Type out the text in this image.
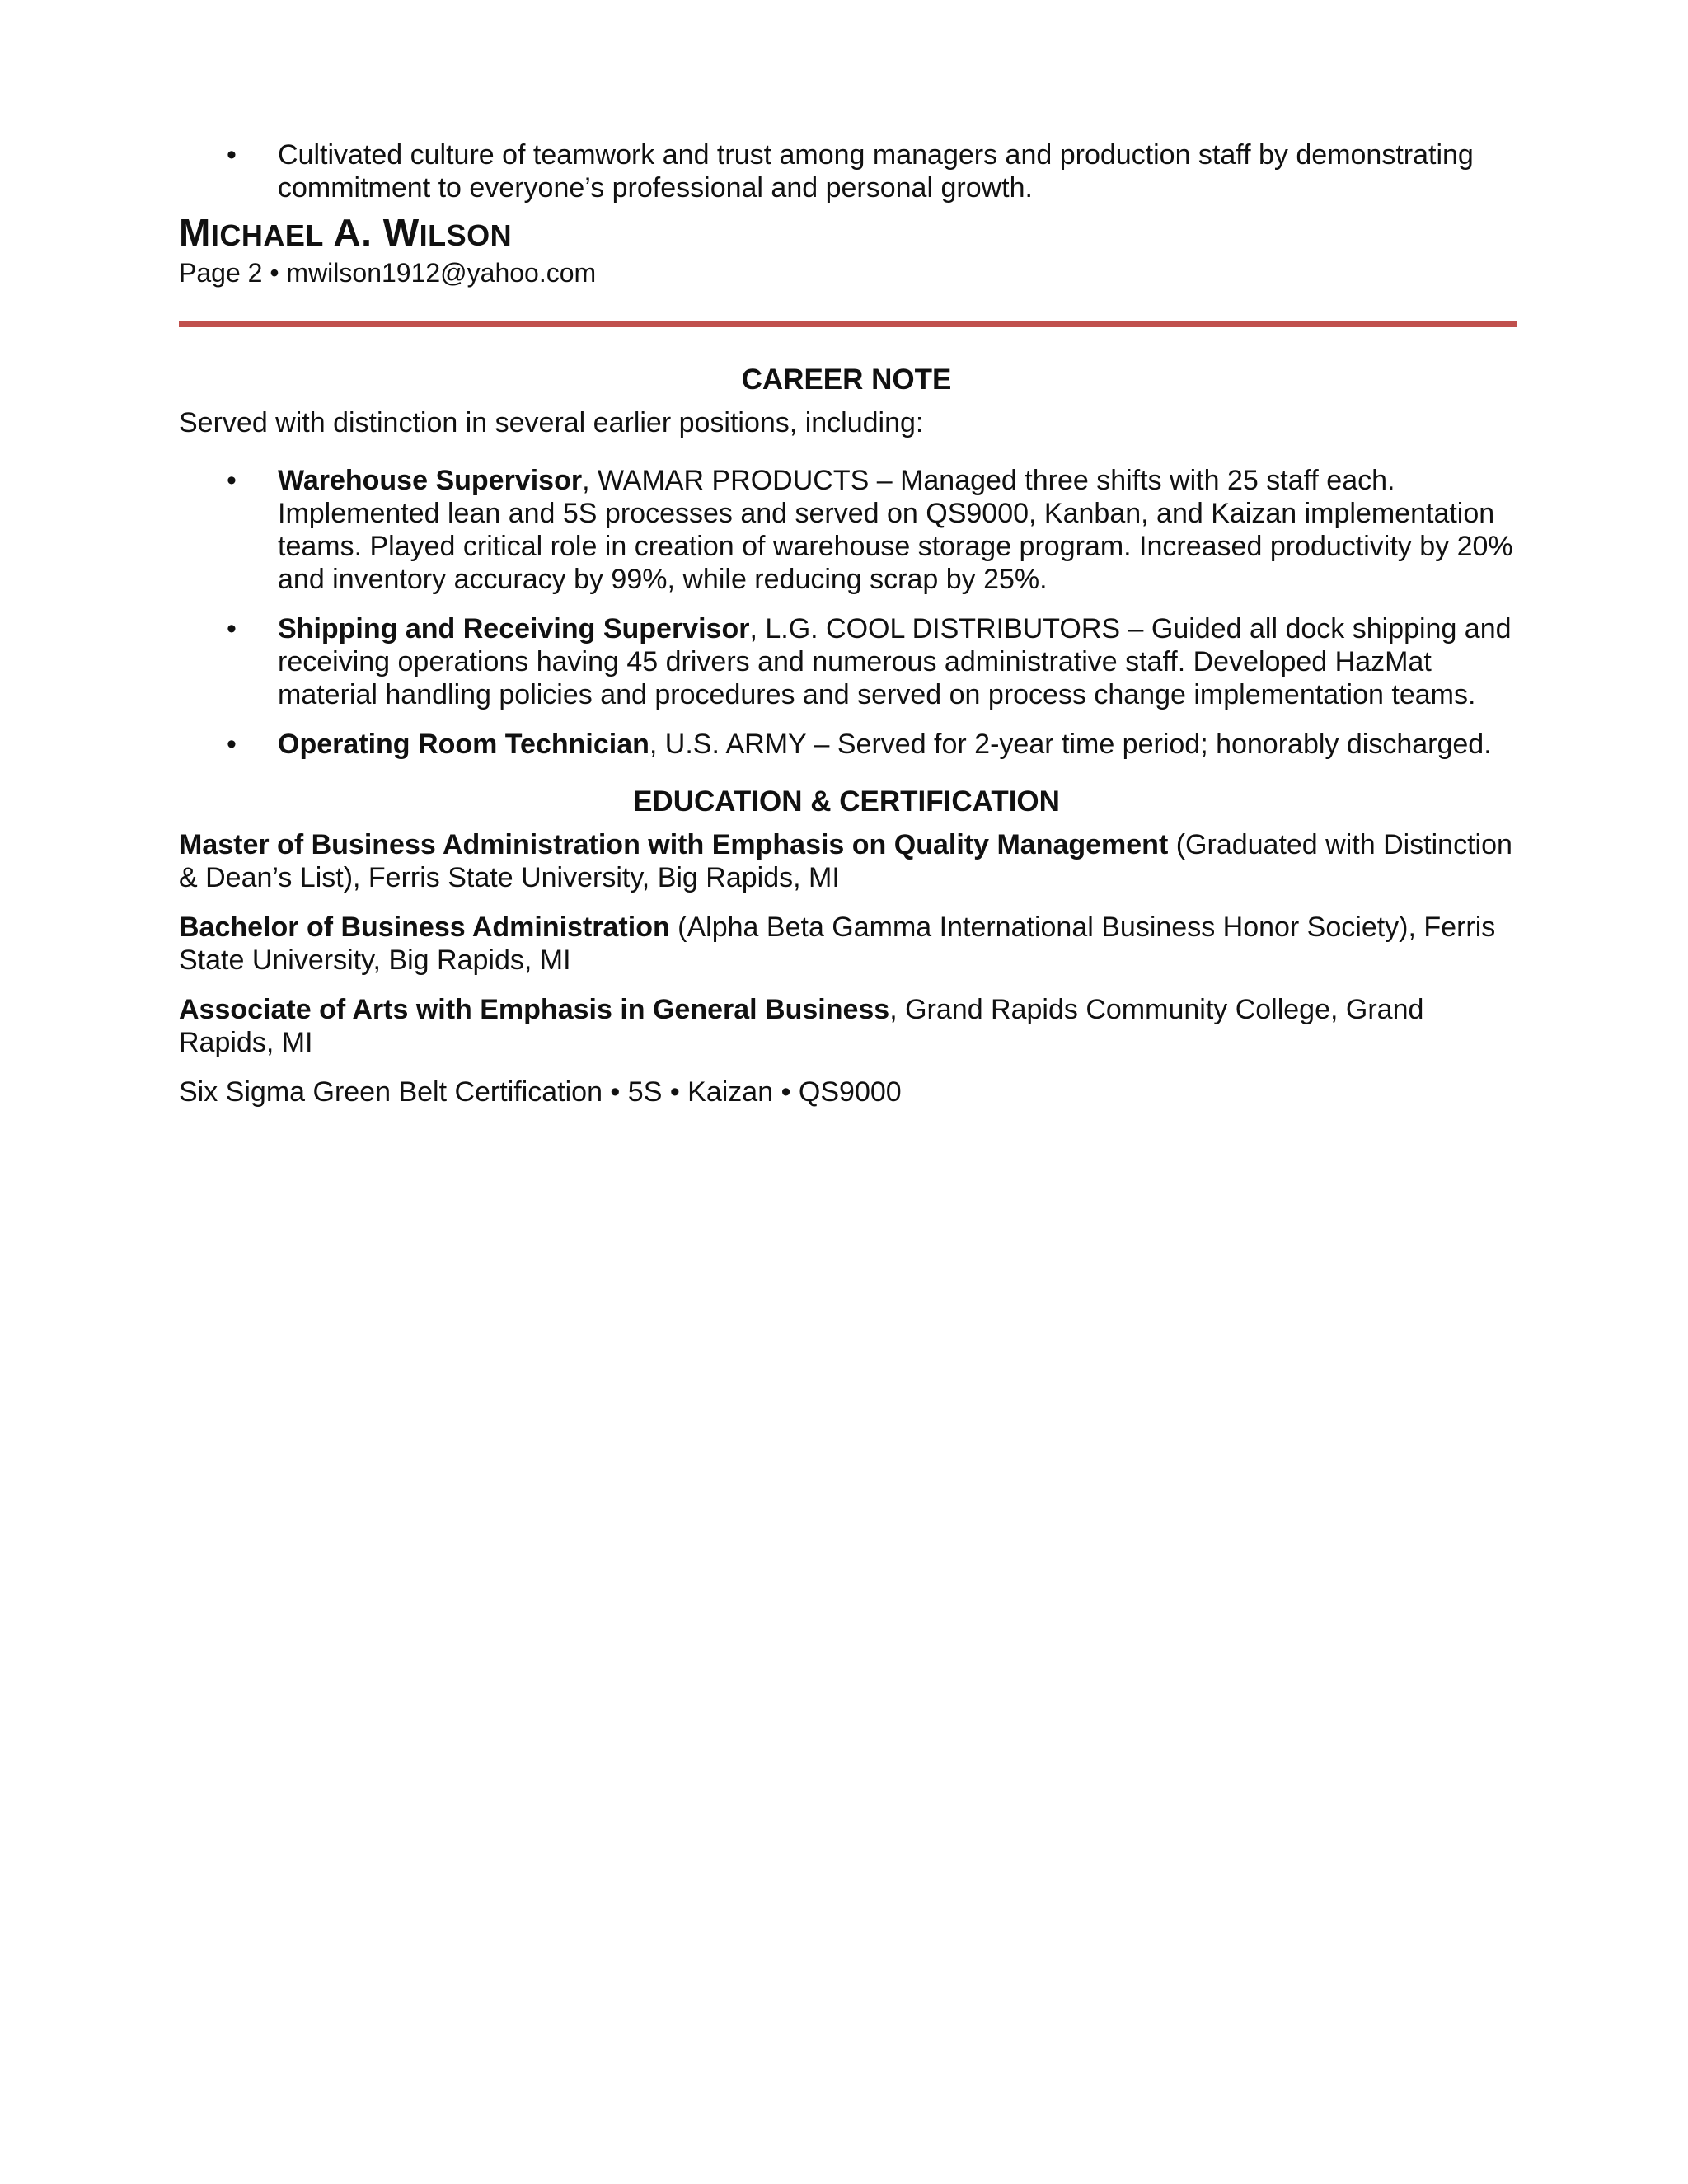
• Cultivated culture of teamwork and trust among managers and production staff by demonstrating commitment to everyone’s professional and personal growth.
MICHAEL A. WILSON
Page 2 • mwilson1912@yahoo.com
CAREER NOTE

Served with distinction in several earlier positions, including:

• Warehouse Supervisor, WAMAR PRODUCTS – Managed three shifts with 25 staff each. Implemented lean and 5S processes and served on QS9000, Kanban, and Kaizan implementation teams. Played critical role in creation of warehouse storage program. Increased productivity by 20% and inventory accuracy by 99%, while reducing scrap by 25%.
• Shipping and Receiving Supervisor, L.G. COOL DISTRIBUTORS – Guided all dock shipping and receiving operations having 45 drivers and numerous administrative staff. Developed HazMat material handling policies and procedures and served on process change implementation teams.
• Operating Room Technician, U.S. ARMY – Served for 2-year time period; honorably discharged.
EDUCATION & CERTIFICATION

Master of Business Administration with Emphasis on Quality Management (Graduated with Distinction & Dean’s List), Ferris State University, Big Rapids, MI

Bachelor of Business Administration (Alpha Beta Gamma International Business Honor Society), Ferris State University, Big Rapids, MI

Associate of Arts with Emphasis in General Business, Grand Rapids Community College, Grand Rapids, MI

Six Sigma Green Belt Certification • 5S • Kaizan • QS9000
